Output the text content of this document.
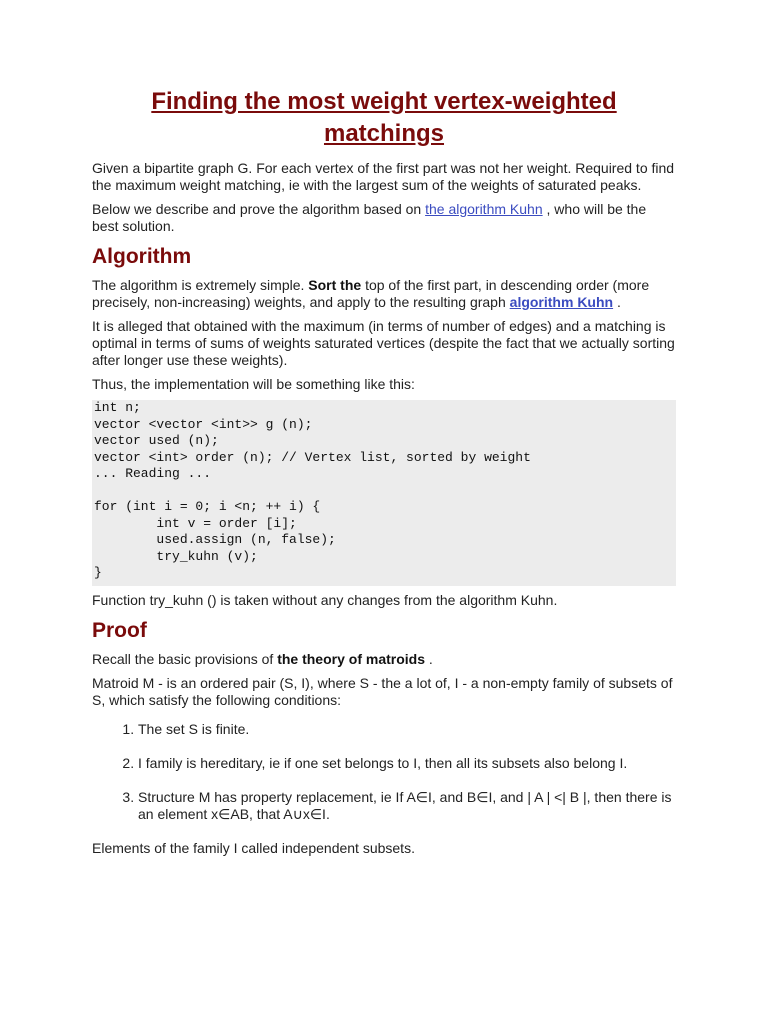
Finding the most weight vertex-weighted matchings

Given a bipartite graph G. For each vertex of the first part was not her weight. Required to find the maximum weight matching, ie with the largest sum of the weights of saturated peaks.

Below we describe and prove the algorithm based on the algorithm Kuhn , who will be the best solution.

Algorithm

The algorithm is extremely simple. Sort the top of the first part, in descending order (more precisely, non-increasing) weights, and apply to the resulting graph algorithm Kuhn .

It is alleged that obtained with the maximum (in terms of number of edges) and a matching is optimal in terms of sums of weights saturated vertices (despite the fact that we actually sorting after longer use these weights).

Thus, the implementation will be something like this:

int n;
vector <vector <int>> g (n);
vector used (n);
vector <int> order (n); // Vertex list, sorted by weight
... Reading ...
for (int i = 0; i <n; ++ i) {
int v = order [i];
used.assign (n, false);
try_kuhn (v);
}

Function try_kuhn () is taken without any changes from the algorithm Kuhn.

Proof

Recall the basic provisions of the theory of matroids .

Matroid M - is an ordered pair (S, I), where S - the a lot of, I - a non-empty family of subsets of S, which satisfy the following conditions:

1. The set S is finite.
2. I family is hereditary, ie if one set belongs to I, then all its subsets also belong I.
3. Structure M has property replacement, ie If A∈I, and B∈I, and | A | <| B |, then there is an element x∈AB, that A∪x∈I.

Elements of the family I called independent subsets.
